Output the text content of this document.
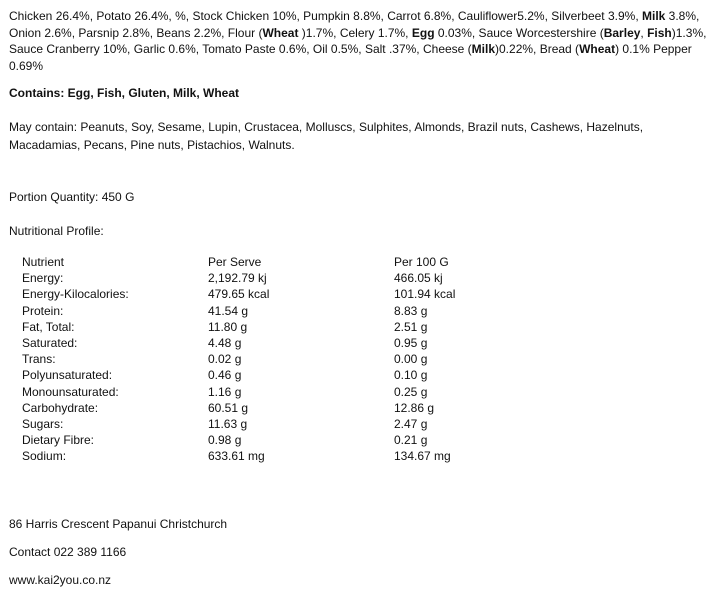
Chicken 26.4%, Potato 26.4%, %, Stock Chicken 10%, Pumpkin 8.8%, Carrot 6.8%, Cauliflower5.2%, Silverbeet 3.9%, Milk 3.8%, Onion 2.6%, Parsnip 2.8%, Beans 2.2%, Flour (Wheat )1.7%, Celery 1.7%, Egg 0.03%, Sauce Worcestershire (Barley, Fish)1.3%, Sauce Cranberry 10%, Garlic 0.6%, Tomato Paste 0.6%, Oil 0.5%, Salt .37%, Cheese (Milk)0.22%, Bread (Wheat) 0.1% Pepper 0.69%

Contains: Egg, Fish, Gluten, Milk, Wheat
May contain: Peanuts, Soy, Sesame, Lupin, Crustacea, Molluscs, Sulphites, Almonds, Brazil nuts, Cashews, Hazelnuts, Macadamias, Pecans, Pine nuts, Pistachios, Walnuts.
Portion Quantity: 450 G
Nutritional Profile:
Nutrient	Per Serve	Per 100 G
Energy:	2,192.79 kj	466.05 kj
Energy-Kilocalories:	479.65 kcal	101.94 kcal
Protein:	41.54 g	8.83 g
Fat, Total:	11.80 g	2.51 g
Saturated:	4.48 g	0.95 g
Trans:	0.02 g	0.00 g
Polyunsaturated:	0.46 g	0.10 g
Monounsaturated:	1.16 g	0.25 g
Carbohydrate:	60.51 g	12.86 g
Sugars:	11.63 g	2.47 g
Dietary Fibre:	0.98 g	0.21 g
Sodium:	633.61 mg	134.67 mg
86 Harris Crescent Papanui Christchurch
Contact 022 389 1166
www.kai2you.co.nz
